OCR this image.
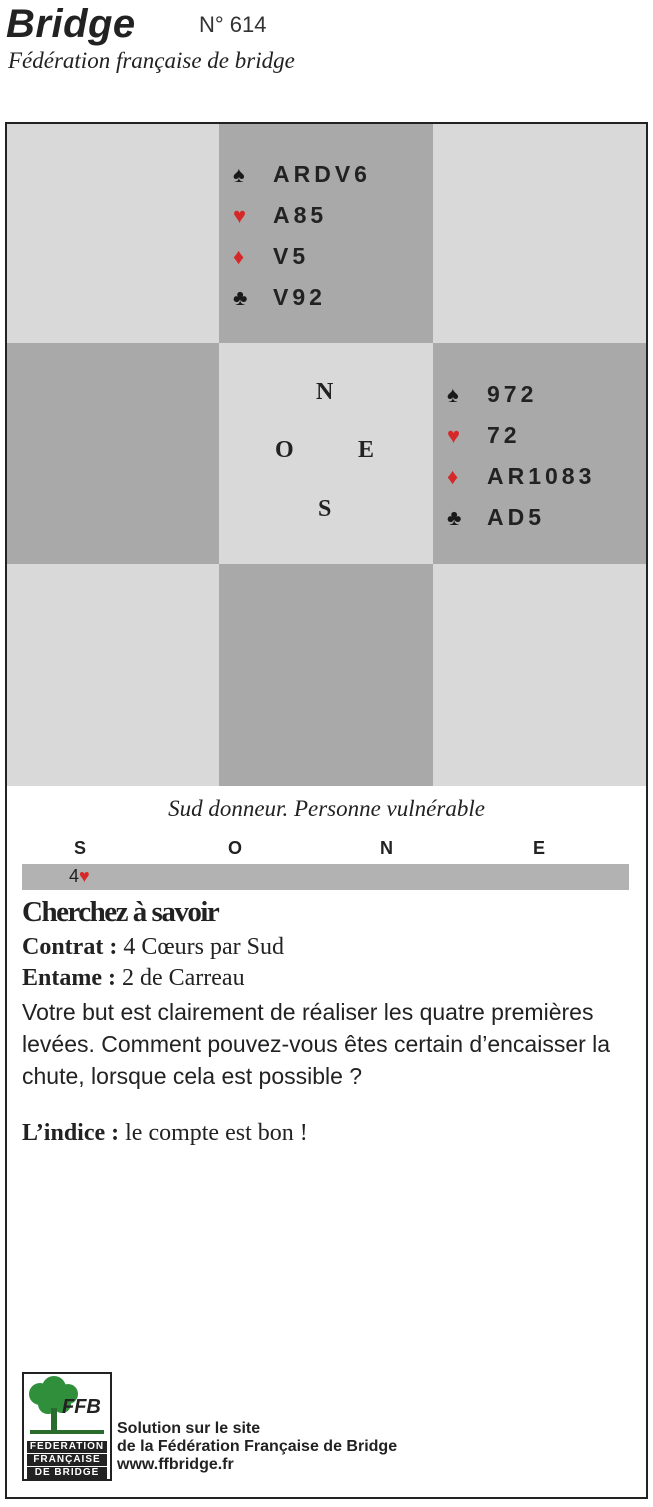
Bridge	N° 614
Fédération française de bridge
♠	ARDV6
♥	A85
♦	V5
♣	V92
♠	972
♥	72
♦	AR1083
♣	AD5
N
O	E
S
Sud donneur. Personne vulnérable
S	O	N	E
4♥
Cherchez à savoir
Contrat : 4 Cœurs par Sud
Entame : 2 de Carreau
Votre but est clairement de réaliser les quatre premières levées. Comment pouvez-vous êtes certain d’encaisser la chute, lorsque cela est possible ?
L’indice : le compte est bon !
FFB
FEDERATION
FRANÇAISE
DE BRIDGE
Solution sur le site
de la Fédération Française de Bridge
www.ffbridge.fr
